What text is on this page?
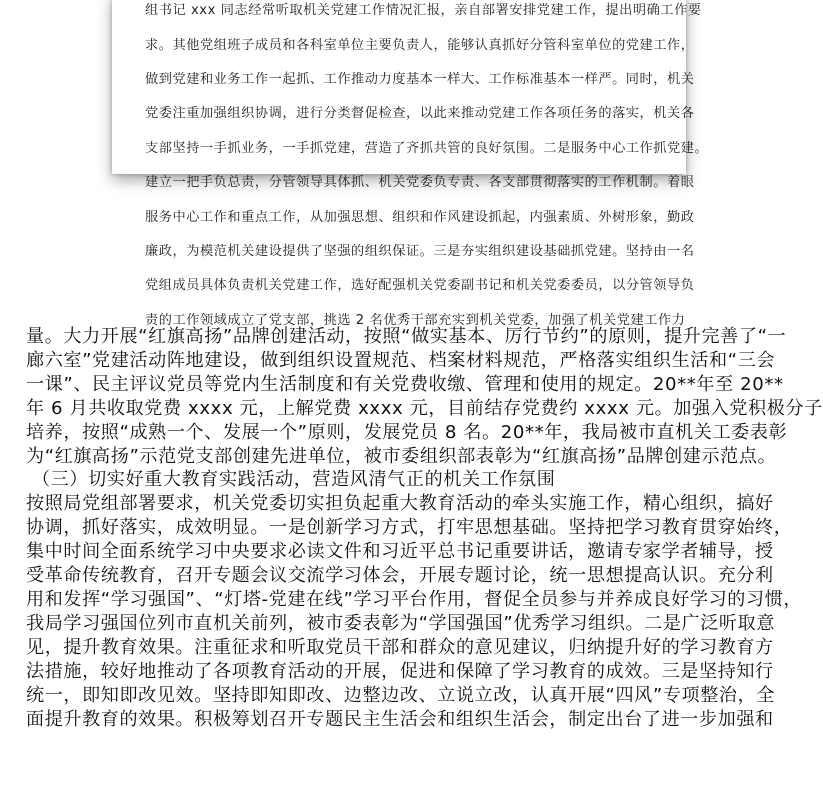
组书记 xxx 同志经常听取机关党建工作情况汇报，亲自部署安排党建工作，提出明确工作要

求。其他党组班子成员和各科室单位主要负责人，能够认真抓好分管科室单位的党建工作，

做到党建和业务工作一起抓、工作推动力度基本一样大、工作标准基本一样严。同时，机关

党委注重加强组织协调，进行分类督促检查，以此来推动党建工作各项任务的落实，机关各

支部坚持一手抓业务，一手抓党建，营造了齐抓共管的良好氛围。二是服务中心工作抓党建。

建立一把手负总责，分管领导具体抓、机关党委负专责、各支部贯彻落实的工作机制。着眼

服务中心工作和重点工作，从加强思想、组织和作风建设抓起，内强素质、外树形象，勤政

廉政，为模范机关建设提供了坚强的组织保证。三是夯实组织建设基础抓党建。坚持由一名

党组成员具体负责机关党建工作，选好配强机关党委副书记和机关党委委员，以分管领导负

责的工作领域成立了党支部，挑选 2 名优秀干部充实到机关党委，加强了机关党建工作力

量。大力开展“红旗高扬”品牌创建活动，按照“做实基本、厉行节约”的原则，提升完善了“一
廊六室”党建活动阵地建设，做到组织设置规范、档案材料规范，严格落实组织生活和“三会
一课”、民主评议党员等党内生活制度和有关党费收缴、管理和使用的规定。20**年至 20**
年 6 月共收取党费 xxxx 元，上解党费 xxxx 元，目前结存党费约 xxxx 元。加强入党积极分子
培养，按照“成熟一个、发展一个”原则，发展党员 8 名。20**年，我局被市直机关工委表彰
为“红旗高扬”示范党支部创建先进单位，被市委组织部表彰为“红旗高扬”品牌创建示范点。
（三）切实好重大教育实践活动，营造风清气正的机关工作氛围
按照局党组部署要求，机关党委切实担负起重大教育活动的牵头实施工作，精心组织，搞好
协调，抓好落实，成效明显。一是创新学习方式，打牢思想基础。坚持把学习教育贯穿始终，
集中时间全面系统学习中央要求必读文件和习近平总书记重要讲话，邀请专家学者辅导，授
受革命传统教育，召开专题会议交流学习体会，开展专题讨论，统一思想提高认识。充分利
用和发挥“学习强国”、“灯塔-党建在线”学习平台作用，督促全员参与并养成良好学习的习惯，
我局学习强国位列市直机关前列，被市委表彰为“学国强国”优秀学习组织。二是广泛听取意
见，提升教育效果。注重征求和听取党员干部和群众的意见建议，归纳提升好的学习教育方
法措施，较好地推动了各项教育活动的开展，促进和保障了学习教育的成效。三是坚持知行
统一，即知即改见效。坚持即知即改、边整边改、立说立改，认真开展“四风”专项整治，全
面提升教育的效果。积极筹划召开专题民主生活会和组织生活会，制定出台了进一步加强和
